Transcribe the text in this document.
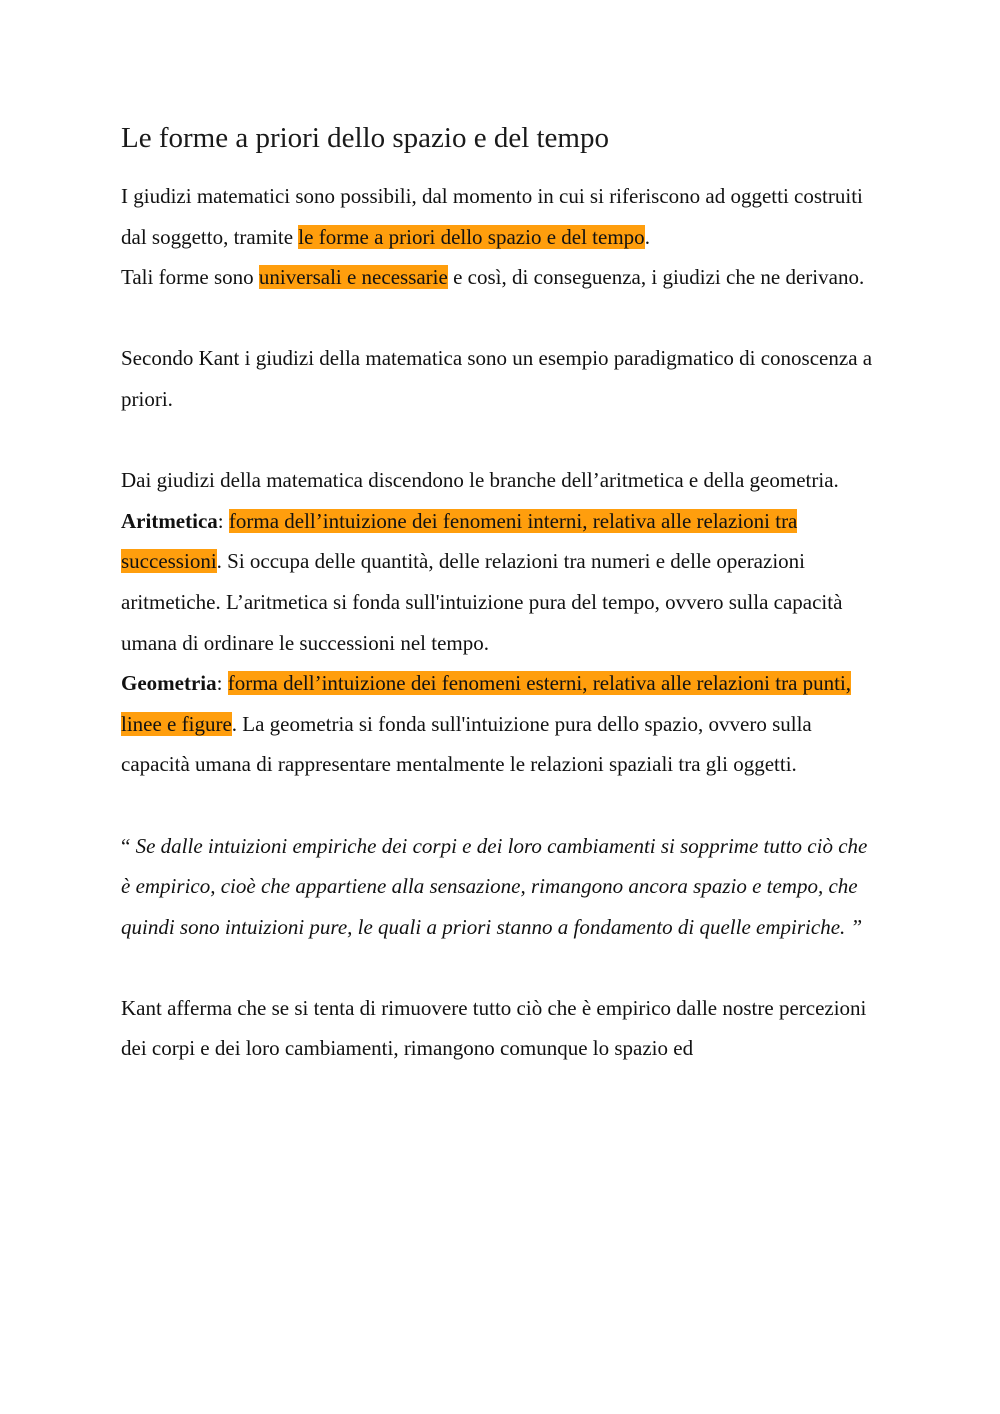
Le forme a priori dello spazio e del tempo

I giudizi matematici sono possibili, dal momento in cui si riferiscono ad oggetti costruiti dal soggetto, tramite le forme a priori dello spazio e del tempo.

Tali forme sono universali e necessarie e così, di conseguenza, i giudizi che ne derivano.

Secondo Kant i giudizi della matematica sono un esempio paradigmatico di conoscenza a priori.

Dai giudizi della matematica discendono le branche dell’aritmetica e della geometria.

Aritmetica: forma dell’intuizione dei fenomeni interni, relativa alle relazioni tra successioni. Si occupa delle quantità, delle relazioni tra numeri e delle operazioni aritmetiche. L’aritmetica si fonda sull'intuizione pura del tempo, ovvero sulla capacità umana di ordinare le successioni nel tempo.

Geometria: forma dell’intuizione dei fenomeni esterni, relativa alle relazioni tra punti, linee e figure. La geometria si fonda sull'intuizione pura dello spazio, ovvero sulla capacità umana di rappresentare mentalmente le relazioni spaziali tra gli oggetti.

“ Se dalle intuizioni empiriche dei corpi e dei loro cambiamenti si sopprime tutto ciò che è empirico, cioè che appartiene alla sensazione, rimangono ancora spazio e tempo, che quindi sono intuizioni pure, le quali a priori stanno a fondamento di quelle empiriche. ”

Kant afferma che se si tenta di rimuovere tutto ciò che è empirico dalle nostre percezioni dei corpi e dei loro cambiamenti, rimangono comunque lo spazio ed
